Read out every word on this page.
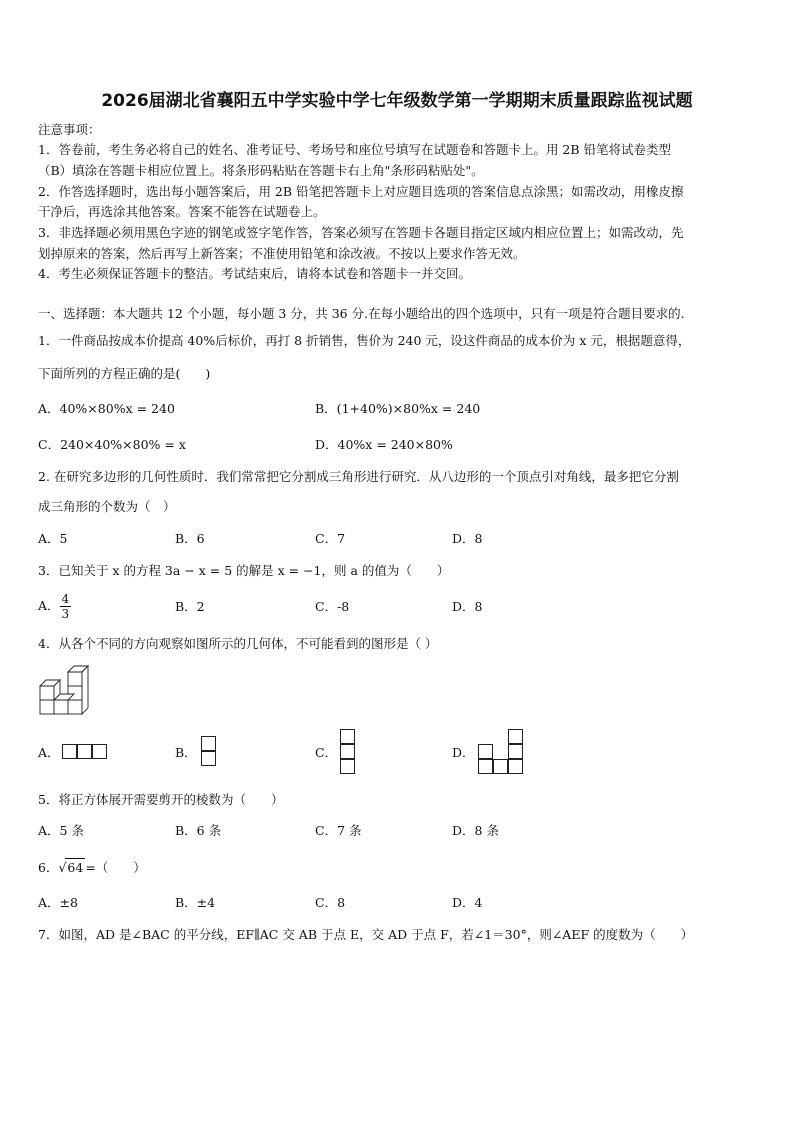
2026届湖北省襄阳五中学实验中学七年级数学第一学期期末质量跟踪监视试题
注意事项：
1．答卷前，考生务必将自己的姓名、准考证号、考场号和座位号填写在试题卷和答题卡上。用 2B 铅笔将试卷类型
（B）填涂在答题卡相应位置上。将条形码粘贴在答题卡右上角"条形码粘贴处"。
2．作答选择题时，选出每小题答案后，用 2B 铅笔把答题卡上对应题目选项的答案信息点涂黑；如需改动，用橡皮擦
干净后，再选涂其他答案。答案不能答在试题卷上。
3．非选择题必须用黑色字迹的钢笔或签字笔作答，答案必须写在答题卡各题目指定区域内相应位置上；如需改动，先
划掉原来的答案，然后再写上新答案；不准使用铅笔和涂改液。不按以上要求作答无效。
4．考生必须保证答题卡的整洁。考试结束后，请将本试卷和答题卡一并交回。
一、选择题：本大题共 12 个小题，每小题 3 分，共 36 分.在每小题给出的四个选项中，只有一项是符合题目要求的.
1．一件商品按成本价提高 40%后标价，再打 8 折销售，售价为 240 元，设这件商品的成本价为 x 元，根据题意得，
下面所列的方程正确的是(　　)
A．40%×80%x = 240	B．(1+40%)×80%x = 240
C．240×40%×80% = x	D．40%x = 240×80%
2. 在研究多边形的几何性质时．我们常常把它分割成三角形进行研究．从八边形的一个顶点引对角线，最多把它分割
成三角形的个数为（　）
A．5	B．6	C．7	D．8
3．已知关于 x 的方程 3a − x = 5 的解是 x = −1，则 a 的值为（　　）
A． $\frac{4}{3}$	B．2	C．-8	D．8
4．从各个不同的方向观察如图所示的几何体，不可能看到的图形是（ ）
A．	B．	C．	D．
5．将正方体展开需要剪开的棱数为（　　）
A．5 条	B．6 条	C．7 条	D．8 条
6．√64 =（　　）
A．±8	B．±4	C．8	D．4
7．如图，AD 是∠BAC 的平分线，EF∥AC 交 AB 于点 E，交 AD 于点 F，若∠1＝30°，则∠AEF 的度数为（　　）
